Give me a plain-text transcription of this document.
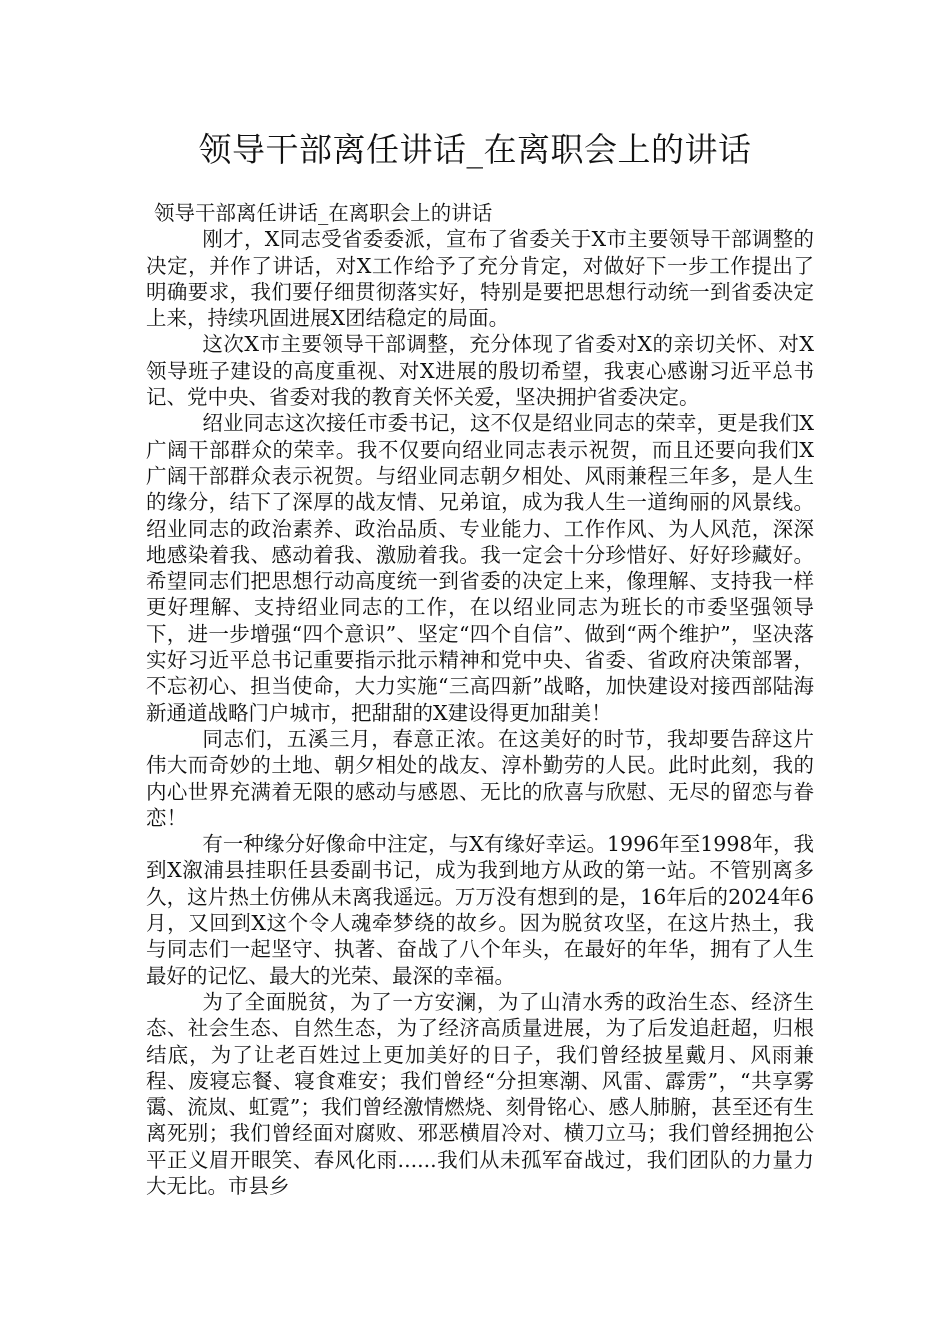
领导干部离任讲话_在离职会上的讲话

领导干部离任讲话_在离职会上的讲话

刚才，X同志受省委委派，宣布了省委关于X市主要领导干部调整的决定，并作了讲话，对X工作给予了充分肯定，对做好下一步工作提出了明确要求，我们要仔细贯彻落实好，特别是要把思想行动统一到省委决定上来，持续巩固进展X团结稳定的局面。

这次X市主要领导干部调整，充分体现了省委对X的亲切关怀、对X领导班子建设的高度重视、对X进展的殷切希望，我衷心感谢习近平总书记、党中央、省委对我的教育关怀关爱，坚决拥护省委决定。

绍业同志这次接任市委书记，这不仅是绍业同志的荣幸，更是我们X广阔干部群众的荣幸。我不仅要向绍业同志表示祝贺，而且还要向我们X广阔干部群众表示祝贺。与绍业同志朝夕相处、风雨兼程三年多，是人生的缘分，结下了深厚的战友情、兄弟谊，成为我人生一道绚丽的风景线。绍业同志的政治素养、政治品质、专业能力、工作作风、为人风范，深深地感染着我、感动着我、激励着我。我一定会十分珍惜好、好好珍藏好。希望同志们把思想行动高度统一到省委的决定上来，像理解、支持我一样更好理解、支持绍业同志的工作，在以绍业同志为班长的市委坚强领导下，进一步增强“四个意识”、坚定“四个自信”、做到“两个维护”，坚决落实好习近平总书记重要指示批示精神和党中央、省委、省政府决策部署，不忘初心、担当使命，大力实施“三高四新”战略，加快建设对接西部陆海新通道战略门户城市，把甜甜的X建设得更加甜美！

同志们，五溪三月，春意正浓。在这美好的时节，我却要告辞这片伟大而奇妙的土地、朝夕相处的战友、淳朴勤劳的人民。此时此刻，我的内心世界充满着无限的感动与感恩、无比的欣喜与欣慰、无尽的留恋与眷恋！

有一种缘分好像命中注定，与X有缘好幸运。1996年至1998年，我到X溆浦县挂职任县委副书记，成为我到地方从政的第一站。不管别离多久，这片热土仿佛从未离我遥远。万万没有想到的是，16年后的2024年6月，又回到X这个令人魂牵梦绕的故乡。因为脱贫攻坚，在这片热土，我与同志们一起坚守、执著、奋战了八个年头，在最好的年华，拥有了人生最好的记忆、最大的光荣、最深的幸福。

为了全面脱贫，为了一方安澜，为了山清水秀的政治生态、经济生态、社会生态、自然生态，为了经济高质量进展，为了后发追赶超，归根结底，为了让老百姓过上更加美好的日子，我们曾经披星戴月、风雨兼程、废寝忘餐、寝食难安；我们曾经“分担寒潮、风雷、霹雳”，“共享雾霭、流岚、虹霓”；我们曾经激情燃烧、刻骨铭心、感人肺腑，甚至还有生离死别；我们曾经面对腐败、邪恶横眉冷对、横刀立马；我们曾经拥抱公平正义眉开眼笑、春风化雨......我们从未孤军奋战过，我们团队的力量力大无比。市县乡
